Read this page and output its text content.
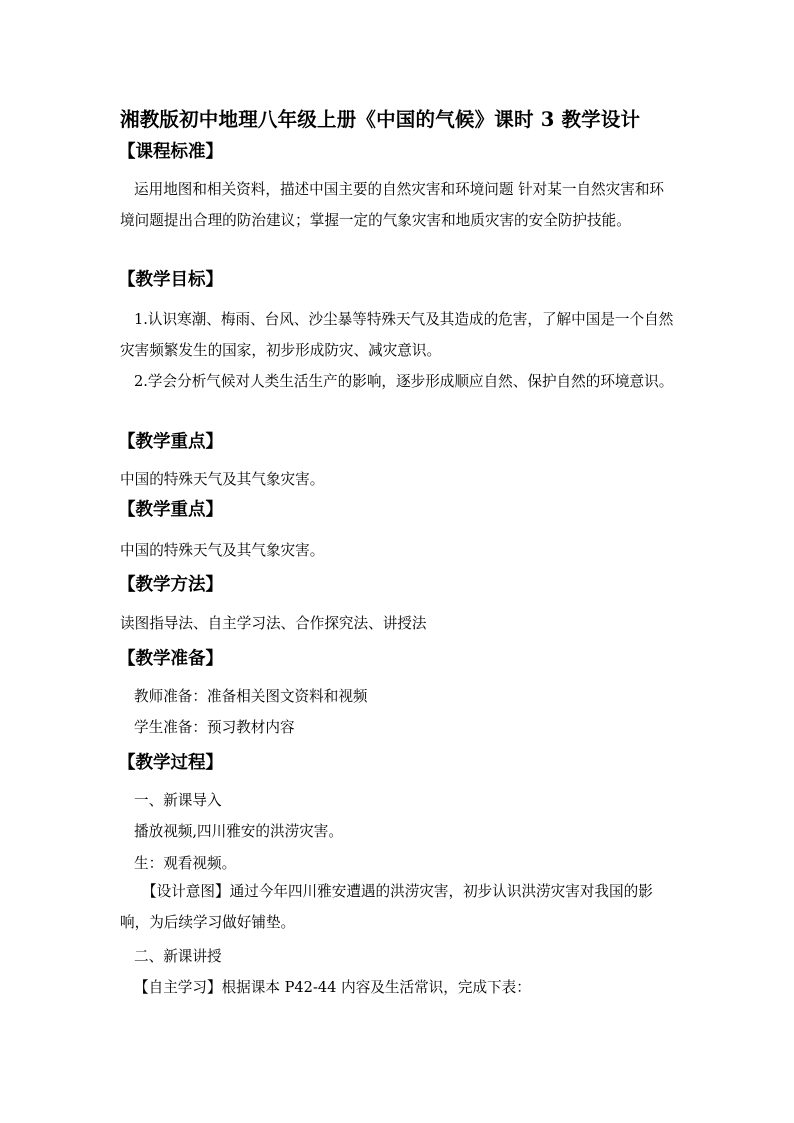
湘教版初中地理八年级上册《中国的气候》课时 3 教学设计
【课程标准】
运用地图和相关资料，描述中国主要的自然灾害和环境问题 针对某一自然灾害和环境问题提出合理的防治建议；掌握一定的气象灾害和地质灾害的安全防护技能。
【教学目标】
1.认识寒潮、梅雨、台风、沙尘暴等特殊天气及其造成的危害，了解中国是一个自然灾害频繁发生的国家，初步形成防灾、减灾意识。
2.学会分析气候对人类生活生产的影响，逐步形成顺应自然、保护自然的环境意识。
【教学重点】
中国的特殊天气及其气象灾害。
【教学重点】
中国的特殊天气及其气象灾害。
【教学方法】
读图指导法、自主学习法、合作探究法、讲授法
【教学准备】
教师准备：准备相关图文资料和视频
学生准备：预习教材内容
【教学过程】
一、新课导入
播放视频,四川雅安的洪涝灾害。
生：观看视频。
【设计意图】通过今年四川雅安遭遇的洪涝灾害，初步认识洪涝灾害对我国的影响，为后续学习做好铺垫。
二、新课讲授
【自主学习】根据课本 P42-44 内容及生活常识，完成下表：
